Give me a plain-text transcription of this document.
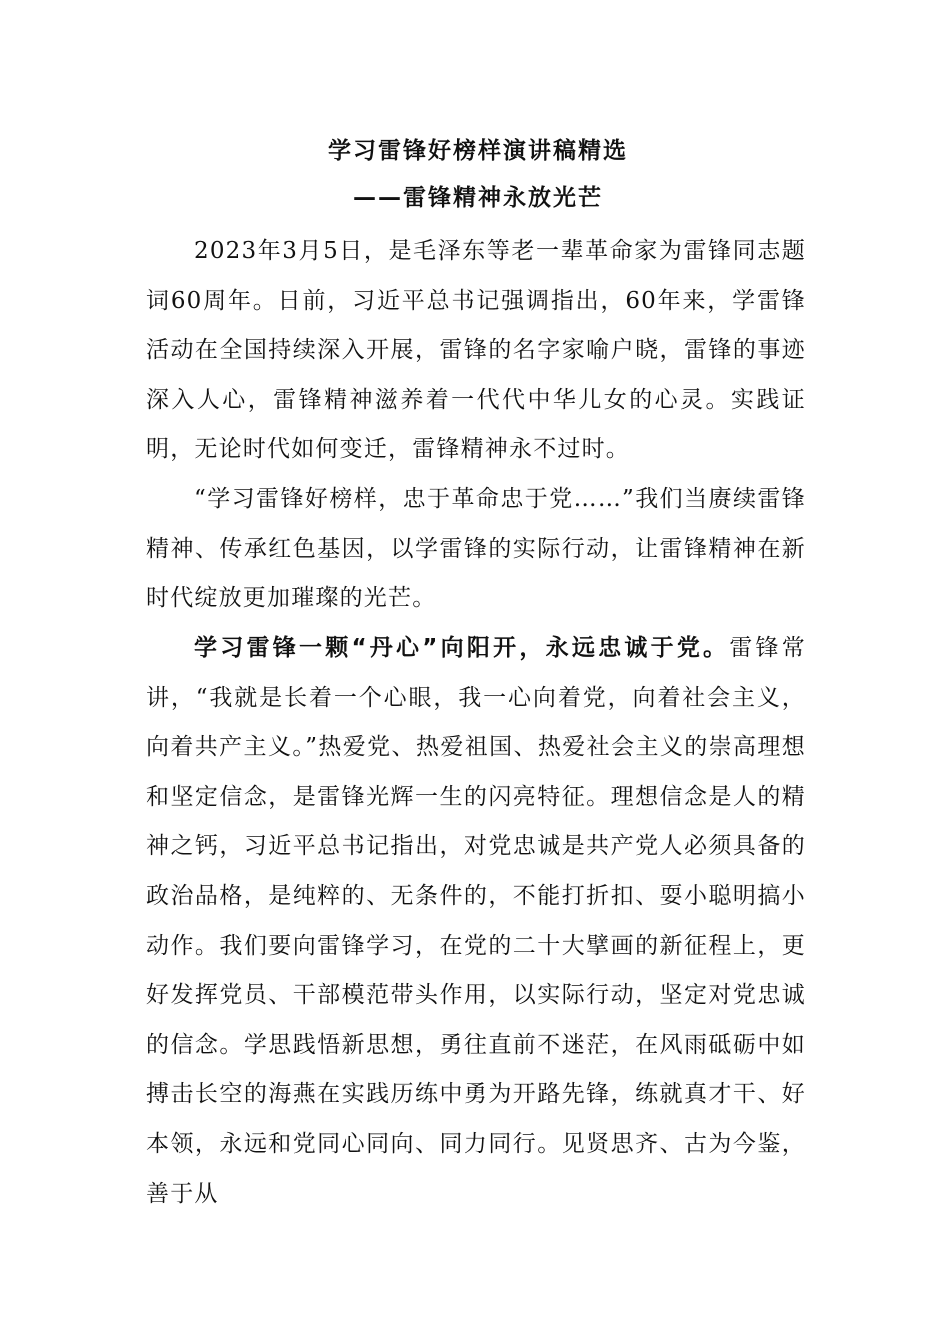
学习雷锋好榜样演讲稿精选
——雷锋精神永放光芒

2023年3月5日，是毛泽东等老一辈革命家为雷锋同志题词60周年。日前，习近平总书记强调指出，60年来，学雷锋活动在全国持续深入开展，雷锋的名字家喻户晓，雷锋的事迹深入人心，雷锋精神滋养着一代代中华儿女的心灵。实践证明，无论时代如何变迁，雷锋精神永不过时。

“学习雷锋好榜样，忠于革命忠于党……”我们当赓续雷锋精神、传承红色基因，以学雷锋的实际行动，让雷锋精神在新时代绽放更加璀璨的光芒。

学习雷锋一颗“丹心”向阳开，永远忠诚于党。雷锋常讲，“我就是长着一个心眼，我一心向着党，向着社会主义，向着共产主义。”热爱党、热爱祖国、热爱社会主义的崇高理想和坚定信念，是雷锋光辉一生的闪亮特征。理想信念是人的精神之钙，习近平总书记指出，对党忠诚是共产党人必须具备的政治品格，是纯粹的、无条件的，不能打折扣、耍小聪明搞小动作。我们要向雷锋学习，在党的二十大擘画的新征程上，更好发挥党员、干部模范带头作用，以实际行动，坚定对党忠诚的信念。学思践悟新思想，勇往直前不迷茫，在风雨砥砺中如搏击长空的海燕在实践历练中勇为开路先锋，练就真才干、好本领，永远和党同心同向、同力同行。见贤思齐、古为今鉴，善于从
